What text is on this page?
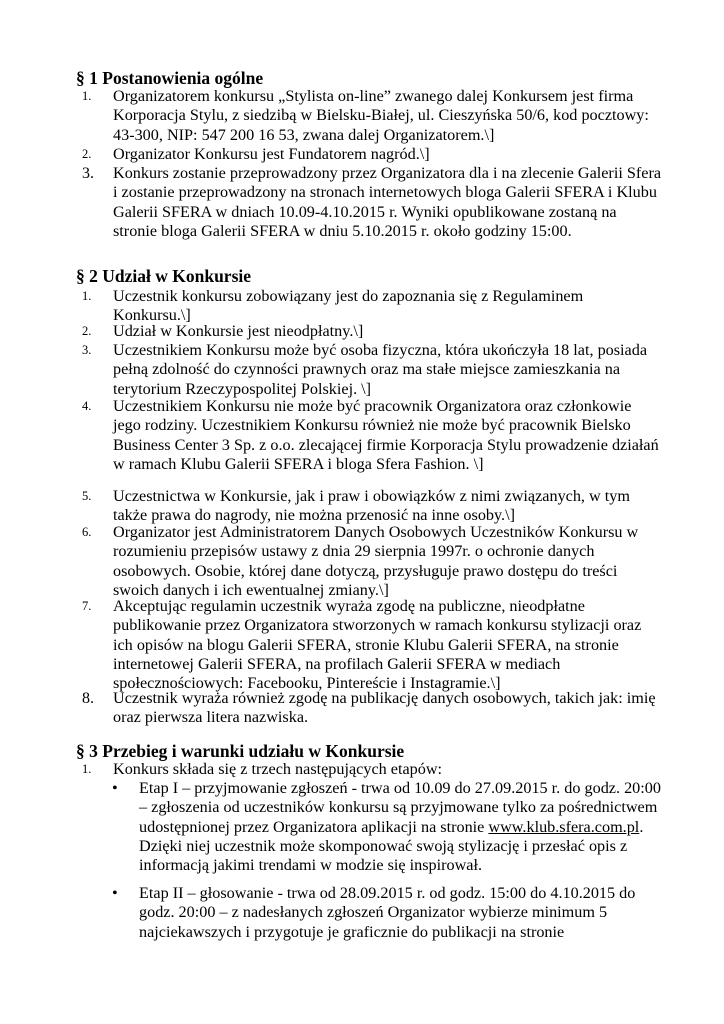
§ 1 Postanowienia ogólne
1.	Organizatorem konkursu „Stylista on-line” zwanego dalej Konkursem jest firma Korporacja Stylu, z siedzibą w Bielsku-Białej, ul. Cieszyńska 50/6, kod pocztowy: 43-300, NIP: 547 200 16 53, zwana dalej Organizatorem.\]
2.	Organizator Konkursu jest Fundatorem nagród.\]
3.	Konkurs zostanie przeprowadzony przez Organizatora dla i na zlecenie Galerii Sfera i zostanie przeprowadzony na stronach internetowych bloga Galerii SFERA i Klubu Galerii SFERA w dniach 10.09-4.10.2015 r. Wyniki opublikowane zostaną na stronie bloga Galerii SFERA w dniu 5.10.2015 r. około godziny 15:00.
§ 2 Udział w Konkursie
1.	Uczestnik konkursu zobowiązany jest do zapoznania się z Regulaminem Konkursu.\]
2.	Udział w Konkursie jest nieodpłatny.\]
3.	Uczestnikiem Konkursu może być osoba fizyczna, która ukończyła 18 lat, posiada pełną zdolność do czynności prawnych oraz ma stałe miejsce zamieszkania na terytorium Rzeczypospolitej Polskiej. \]
4.	Uczestnikiem Konkursu nie może być pracownik Organizatora oraz członkowie jego rodziny. Uczestnikiem Konkursu również nie może być pracownik Bielsko Business Center 3 Sp. z o.o. zlecającej firmie Korporacja Stylu prowadzenie działań w ramach Klubu Galerii SFERA i bloga Sfera Fashion. \]
5.	Uczestnictwa w Konkursie, jak i praw i obowiązków z nimi związanych, w tym także prawa do nagrody, nie można przenosić na inne osoby.\]
6.	Organizator jest Administratorem Danych Osobowych Uczestników Konkursu w rozumieniu przepisów ustawy z dnia 29 sierpnia 1997r. o ochronie danych osobowych. Osobie, której dane dotyczą, przysługuje prawo dostępu do treści swoich danych i ich ewentualnej zmiany.\]
7.	Akceptując regulamin uczestnik wyraża zgodę na publiczne, nieodpłatne publikowanie przez Organizatora stworzonych w ramach konkursu stylizacji oraz ich opisów na blogu Galerii SFERA, stronie Klubu Galerii SFERA, na stronie internetowej Galerii SFERA, na profilach Galerii SFERA w mediach społecznościowych: Facebooku, Pintereście i Instagramie.\]
8.	Uczestnik wyraża również zgodę na publikację danych osobowych, takich jak: imię oraz pierwsza litera nazwiska.
§ 3 Przebieg i warunki udziału w Konkursie
1.	Konkurs składa się z trzech następujących etapów:
• Etap I – przyjmowanie zgłoszeń - trwa od 10.09 do 27.09.2015 r. do godz. 20:00 – zgłoszenia od uczestników konkursu są przyjmowane tylko za pośrednictwem udostępnionej przez Organizatora aplikacji na stronie www.klub.sfera.com.pl. Dzięki niej uczestnik może skomponować swoją stylizację i przesłać opis z informacją jakimi trendami w modzie się inspirował.
• Etap II – głosowanie - trwa od 28.09.2015 r. od godz. 15:00 do 4.10.2015 do godz. 20:00 – z nadesłanych zgłoszeń Organizator wybierze minimum 5 najciekawszych i przygotuje je graficznie do publikacji na stronie
